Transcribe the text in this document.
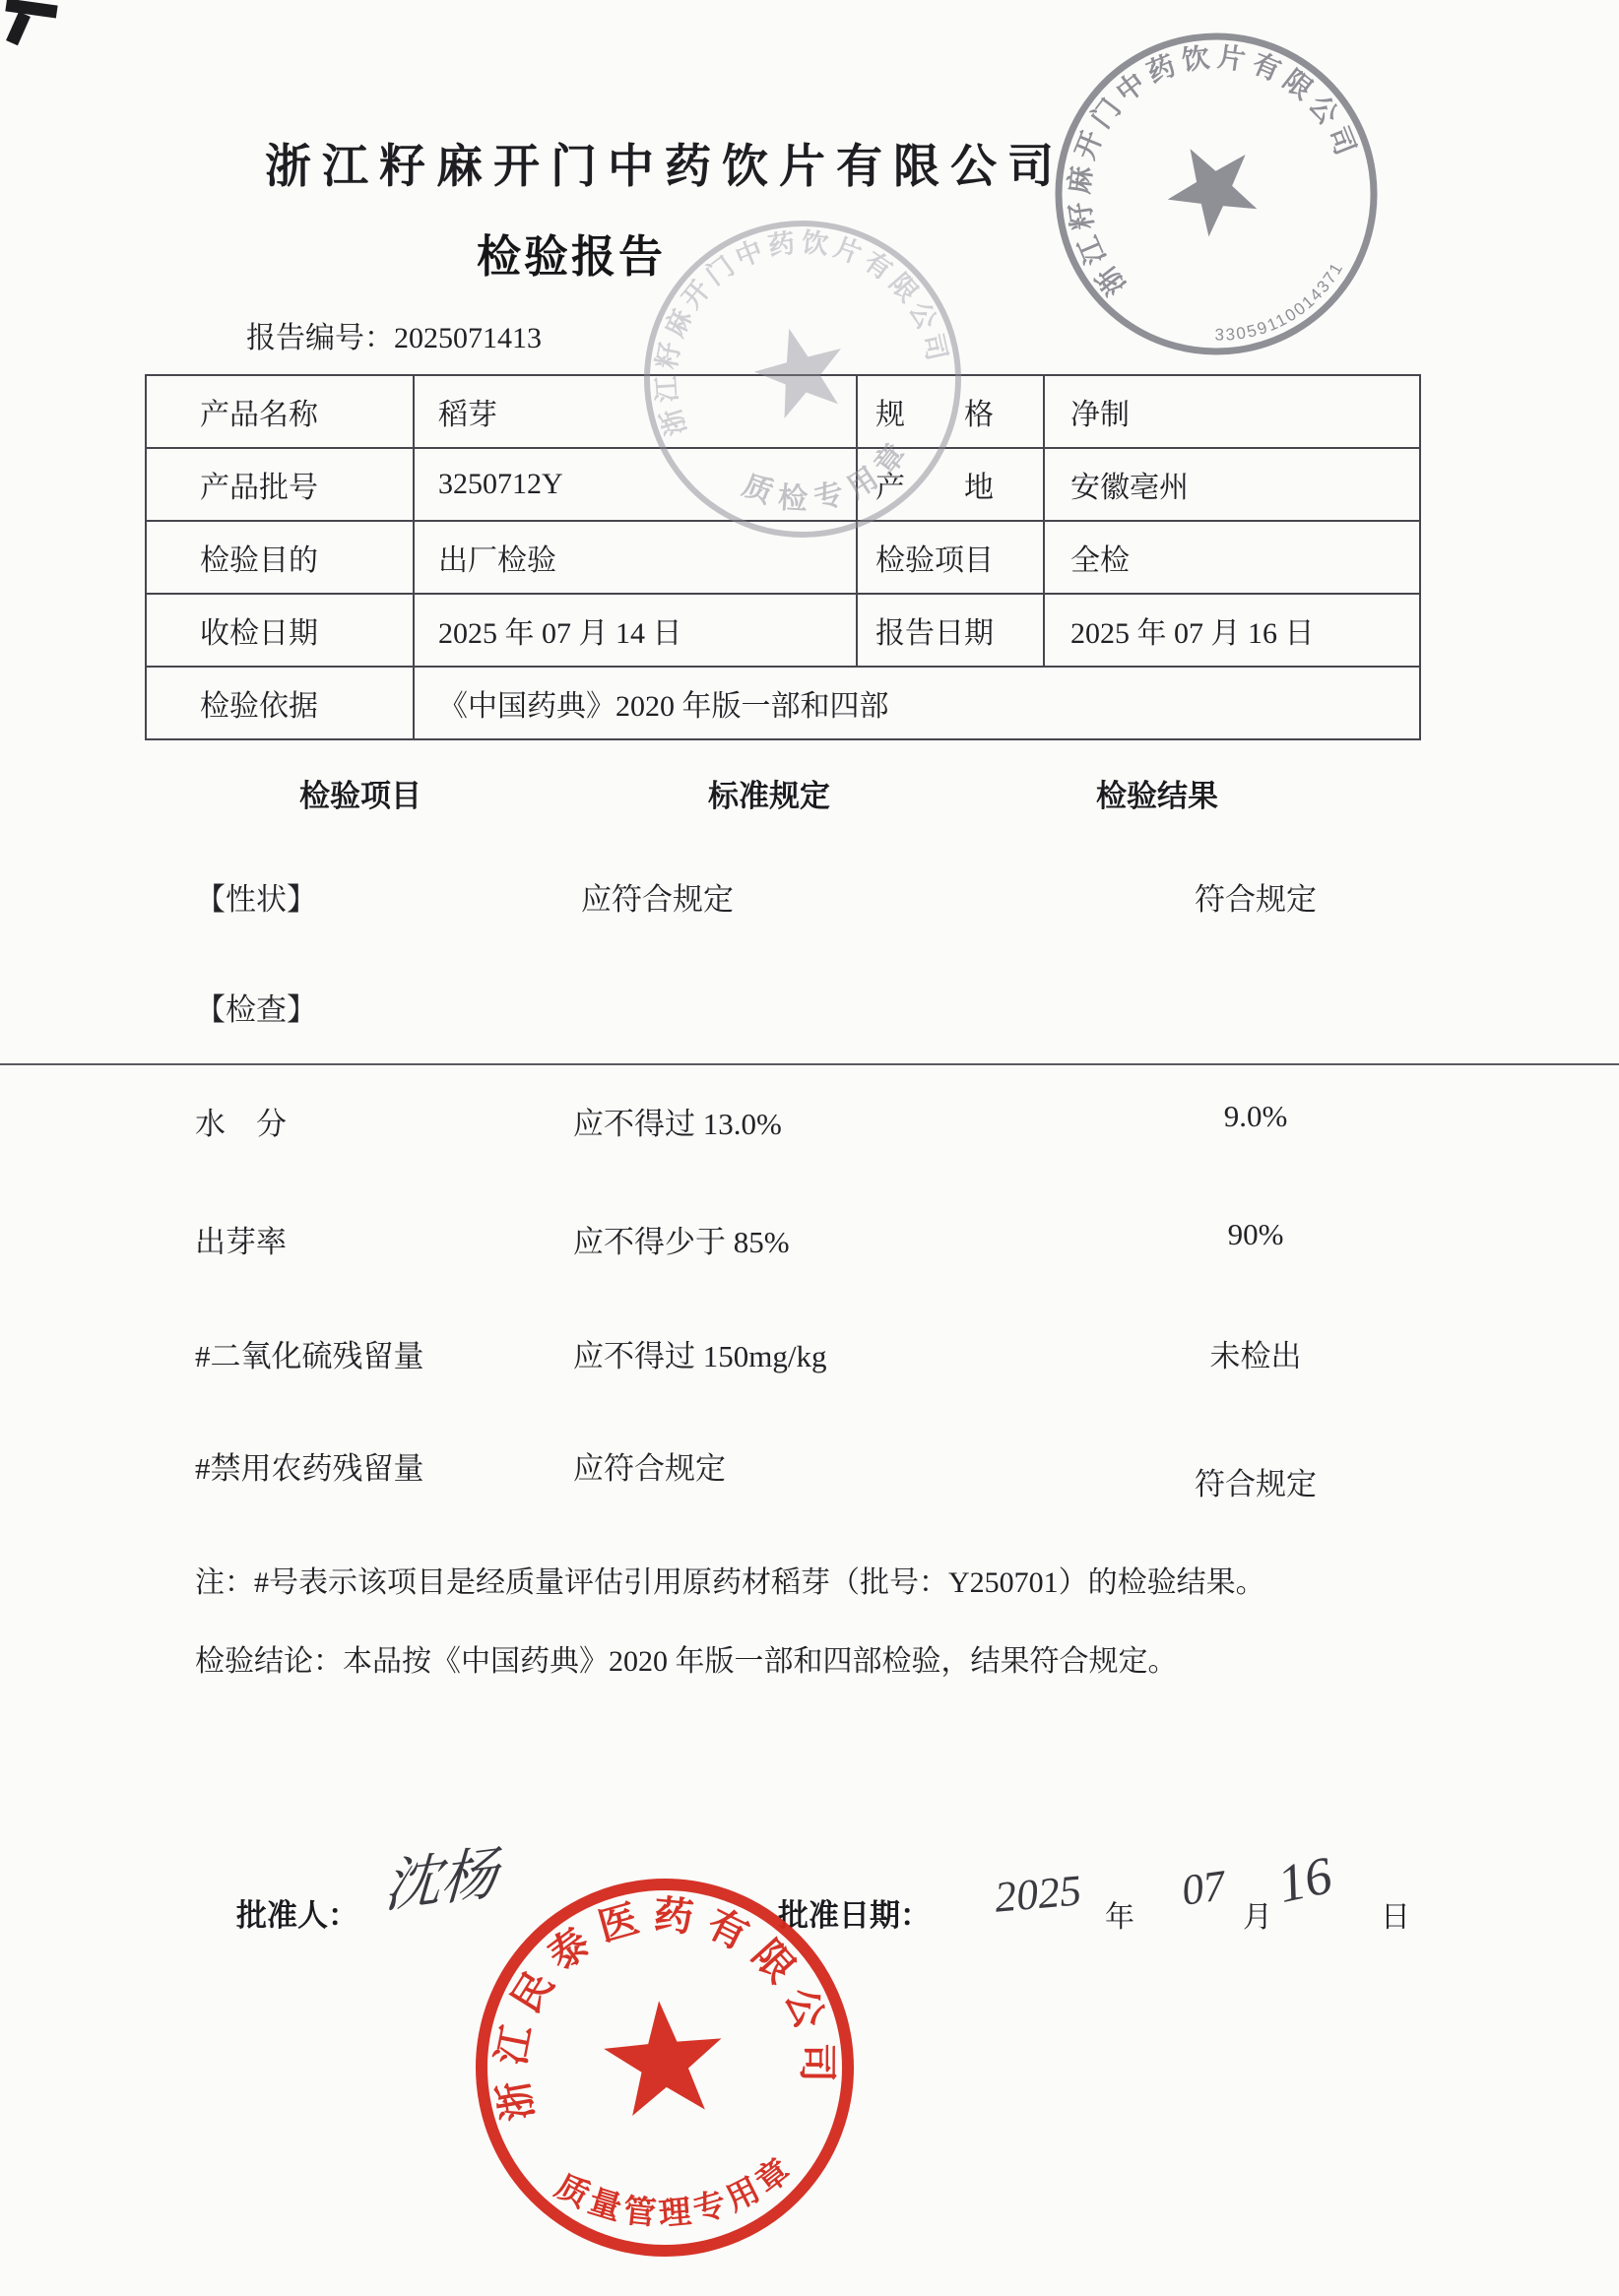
浙江籽麻开门中药饮片有限公司
检验报告
报告编号：2025071413
产品名称	稻芽	规　　格	净制
产品批号	3250712Y	产　　地	安徽亳州
检验目的	出厂检验	检验项目	全检
收检日期	2025 年 07 月 14 日	报告日期	2025 年 07 月 16 日
检验依据	《中国药典》2020 年版一部和四部		
检验项目	标准规定	检验结果
【性状】	应符合规定	符合规定
【检查】
水　分	应不得过 13.0%	9.0%
出芽率	应不得少于 85%	90%
#二氧化硫残留量	应不得过 150mg/kg	未检出
#禁用农药残留量	应符合规定	符合规定
注：#号表示该项目是经质量评估引用原药材稻芽（批号：Y250701）的检验结果。
检验结论：本品按《中国药典》2020 年版一部和四部检验，结果符合规定。
批准人： 沈杨	批准日期： 2025 年
07
月
16
日
浙江籽麻开门中药饮片有限公司
33059110014371
浙江籽麻开门中药饮片有限公司
质检专用章
浙江民泰医药有限公司
质量管理专用章
